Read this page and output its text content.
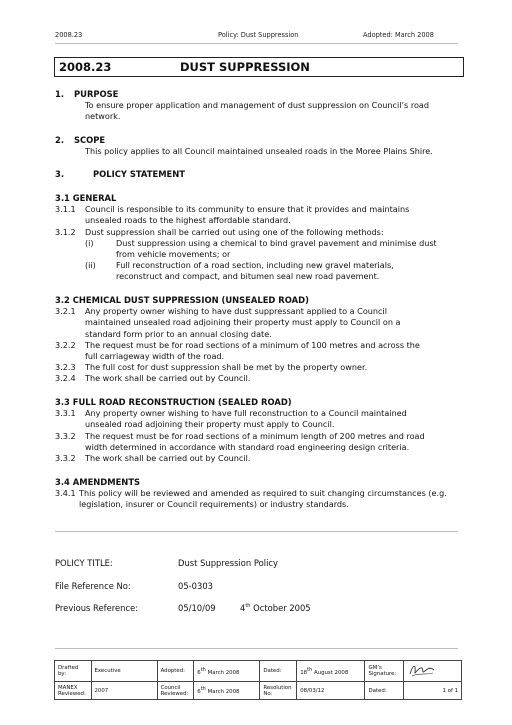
2008.23	Policy: Dust Suppression	Adopted: March 2008
2008.23	DUST SUPPRESSION
1.	PURPOSE
To ensure proper application and management of dust suppression on Council’s road
network.
2.	SCOPE
This policy applies to all Council maintained unsealed roads in the Moree Plains Shire.
3.	POLICY STATEMENT
3.1 GENERAL
3.1.1	Council is responsible to its community to ensure that it provides and maintains
unsealed roads to the highest affordable standard.
3.1.2	Dust suppression shall be carried out using one of the following methods:
(i)	Dust suppression using a chemical to bind gravel pavement and minimise dust
from vehicle movements; or
(ii)	Full reconstruction of a road section, including new gravel materials,
reconstruct and compact, and bitumen seal new road pavement.
3.2 CHEMICAL DUST SUPPRESSION (UNSEALED ROAD)
3.2.1	Any property owner wishing to have dust suppressant applied to a Council
maintained unsealed road adjoining their property must apply to Council on a
standard form prior to an annual closing date.
3.2.2	The request must be for road sections of a minimum of 100 metres and across the
full carriageway width of the road.
3.2.3	The full cost for dust suppression shall be met by the property owner.
3.2.4	The work shall be carried out by Council.
3.3 FULL ROAD RECONSTRUCTION (SEALED ROAD)
3.3.1	Any property owner wishing to have full reconstruction to a Council maintained
unsealed road adjoining their property must apply to Council.
3.3.2	The request must be for road sections of a minimum length of 200 metres and road
width determined in accordance with standard road engineering design criteria.
3.3.2	The work shall be carried out by Council.
3.4 AMENDMENTS
3.4.1 This policy will be reviewed and amended as required to suit changing circumstances (e.g.
legislation, insurer or Council requirements) or industry standards.
POLICY TITLE:	Dust Suppression Policy
File Reference No:	05-0303
Previous Reference:	05/10/09	4th October 2005
Drafted by:	Executive	Adopted:	6th March 2008	Dated:	18th August 2008	GM’s Signature:	
MANEX Reviewed:	2007	Council Reviewed:	6th March 2008	Resolution No:	08/03/12	Dated:	1 of 1
